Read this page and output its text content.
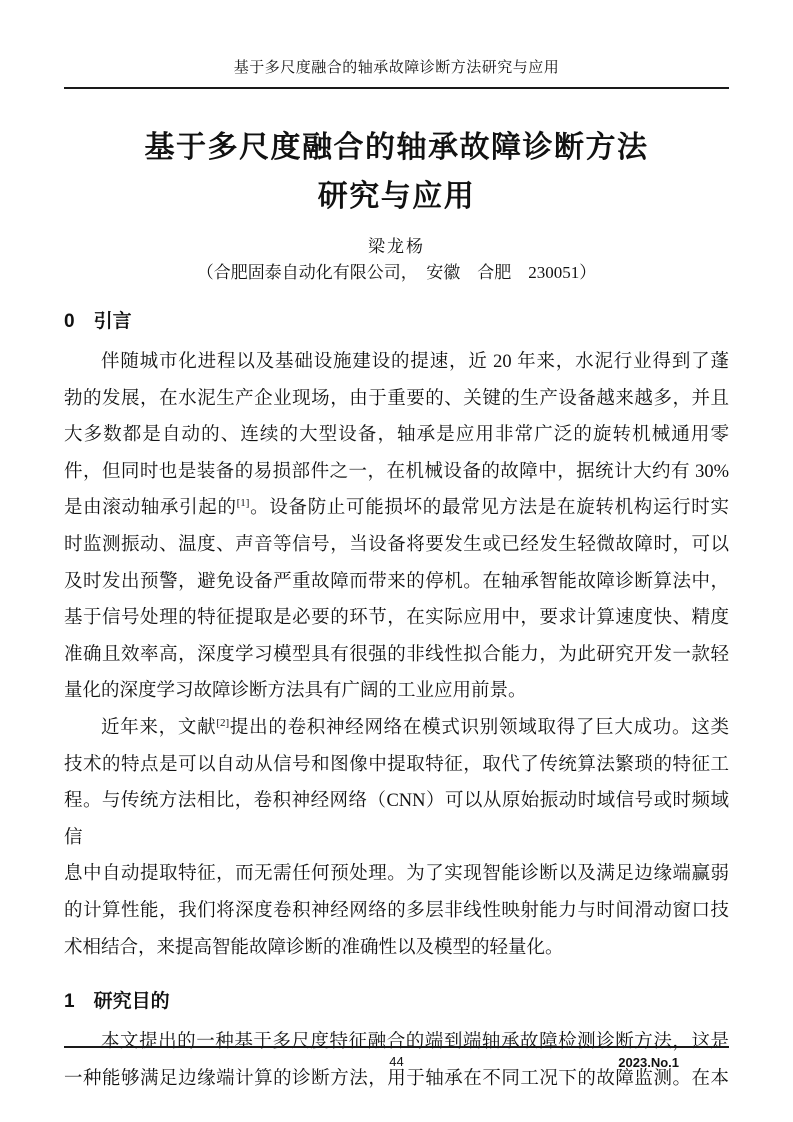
基于多尺度融合的轴承故障诊断方法研究与应用
基于多尺度融合的轴承故障诊断方法
研究与应用
梁龙杨
（合肥固泰自动化有限公司，　安徽　合肥　230051）
0　引言
伴随城市化进程以及基础设施建设的提速，近 20 年来，水泥行业得到了蓬
勃的发展，在水泥生产企业现场，由于重要的、关键的生产设备越来越多，并且
大多数都是自动的、连续的大型设备，轴承是应用非常广泛的旋转机械通用零
件，但同时也是装备的易损部件之一，在机械设备的故障中，据统计大约有 30%
是由滚动轴承引起的[1]。设备防止可能损坏的最常见方法是在旋转机构运行时实
时监测振动、温度、声音等信号，当设备将要发生或已经发生轻微故障时，可以
及时发出预警，避免设备严重故障而带来的停机。在轴承智能故障诊断算法中，
基于信号处理的特征提取是必要的环节，在实际应用中，要求计算速度快、精度
准确且效率高，深度学习模型具有很强的非线性拟合能力，为此研究开发一款轻
量化的深度学习故障诊断方法具有广阔的工业应用前景。
近年来，文献[2]提出的卷积神经网络在模式识别领域取得了巨大成功。这类
技术的特点是可以自动从信号和图像中提取特征，取代了传统算法繁琐的特征工
程。与传统方法相比，卷积神经网络（CNN）可以从原始振动时域信号或时频域信
息中自动提取特征，而无需任何预处理。为了实现智能诊断以及满足边缘端赢弱
的计算性能，我们将深度卷积神经网络的多层非线性映射能力与时间滑动窗口技
术相结合，来提高智能故障诊断的准确性以及模型的轻量化。
1　研究目的
本文提出的一种基于多尺度特征融合的端到端轴承故障检测诊断方法，这是
一种能够满足边缘端计算的诊断方法，用于轴承在不同工况下的故障监测。在本
44	2023.No.1
